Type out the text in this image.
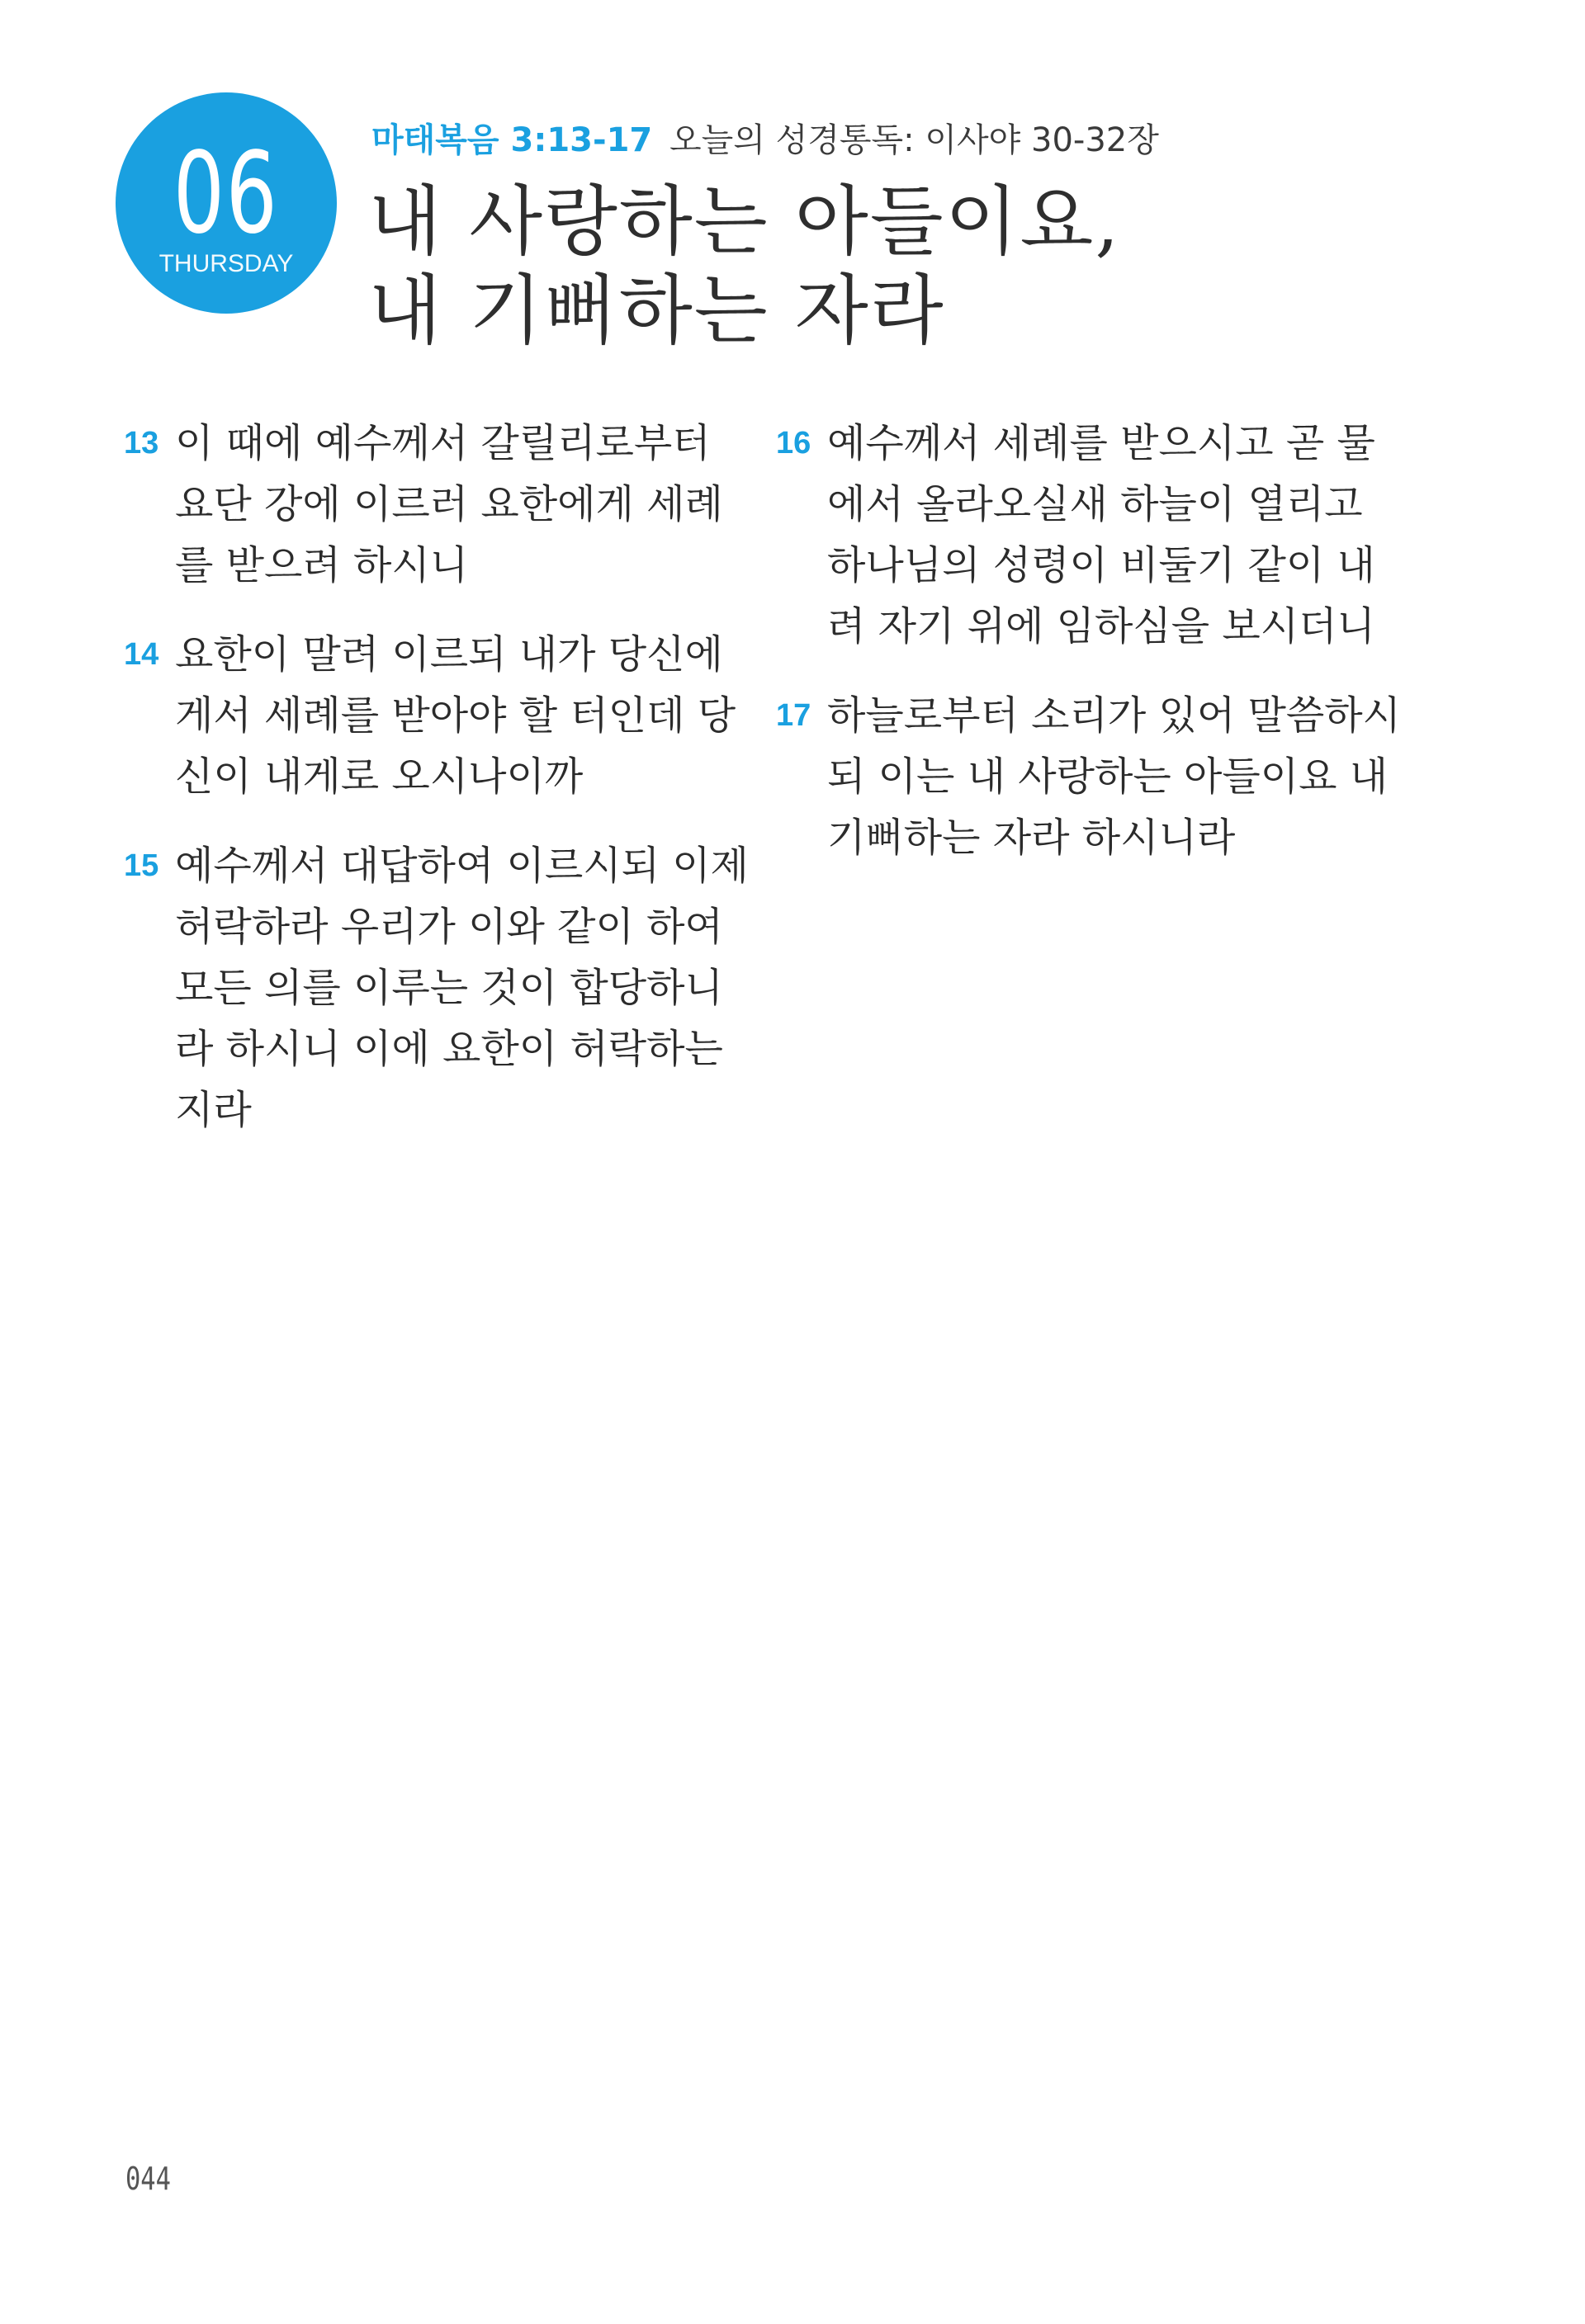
06
THURSDAY
마태복음 3:13-17 오늘의 성경통독: 이사야 30-32장
내 사랑하는 아들이요,
내 기뻐하는 자라
13 이 때에 예수께서 갈릴리로부터
요단 강에 이르러 요한에게 세례
를 받으려 하시니
14 요한이 말려 이르되 내가 당신에
게서 세례를 받아야 할 터인데 당
신이 내게로 오시나이까
15 예수께서 대답하여 이르시되 이제
허락하라 우리가 이와 같이 하여
모든 의를 이루는 것이 합당하니
라 하시니 이에 요한이 허락하는
지라
16 예수께서 세례를 받으시고 곧 물
에서 올라오실새 하늘이 열리고
하나님의 성령이 비둘기 같이 내
려 자기 위에 임하심을 보시더니
17 하늘로부터 소리가 있어 말씀하시
되 이는 내 사랑하는 아들이요 내
기뻐하는 자라 하시니라
044
